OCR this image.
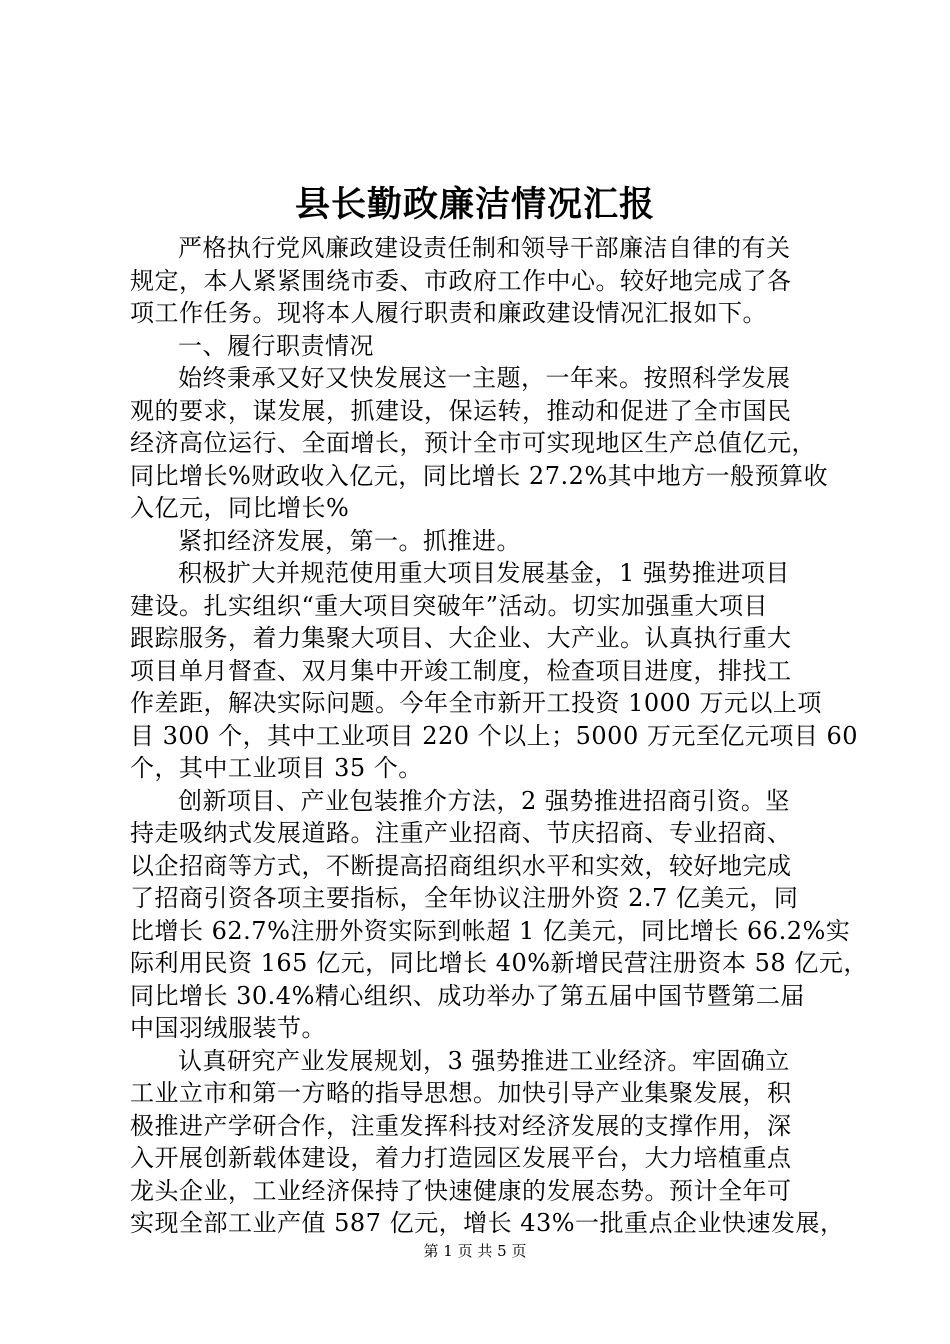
县长勤政廉洁情况汇报

严格执行党风廉政建设责任制和领导干部廉洁自律的有关
规定，本人紧紧围绕市委、市政府工作中心。较好地完成了各
项工作任务。现将本人履行职责和廉政建设情况汇报如下。

一、履行职责情况

始终秉承又好又快发展这一主题，一年来。按照科学发展
观的要求，谋发展，抓建设，保运转，推动和促进了全市国民
经济高位运行、全面增长，预计全市可实现地区生产总值亿元，
同比增长%财政收入亿元，同比增长 27.2%其中地方一般预算收
入亿元，同比增长%

紧扣经济发展，第一。抓推进。

积极扩大并规范使用重大项目发展基金，1 强势推进项目
建设。扎实组织“重大项目突破年”活动。切实加强重大项目
跟踪服务，着力集聚大项目、大企业、大产业。认真执行重大
项目单月督查、双月集中开竣工制度，检查项目进度，排找工
作差距，解决实际问题。今年全市新开工投资 1000 万元以上项
目 300 个，其中工业项目 220 个以上；5000 万元至亿元项目 60
个，其中工业项目 35 个。

创新项目、产业包装推介方法，2 强势推进招商引资。坚
持走吸纳式发展道路。注重产业招商、节庆招商、专业招商、
以企招商等方式，不断提高招商组织水平和实效，较好地完成
了招商引资各项主要指标，全年协议注册外资 2.7 亿美元，同
比增长 62.7%注册外资实际到帐超 1 亿美元，同比增长 66.2%实
际利用民资 165 亿元，同比增长 40%新增民营注册资本 58 亿元，
同比增长 30.4%精心组织、成功举办了第五届中国节暨第二届
中国羽绒服装节。

认真研究产业发展规划，3 强势推进工业经济。牢固确立
工业立市和第一方略的指导思想。加快引导产业集聚发展，积
极推进产学研合作，注重发挥科技对经济发展的支撑作用，深
入开展创新载体建设，着力打造园区发展平台，大力培植重点
龙头企业，工业经济保持了快速健康的发展态势。预计全年可
实现全部工业产值 587 亿元，增长 43%一批重点企业快速发展，

第 1 页 共 5 页
